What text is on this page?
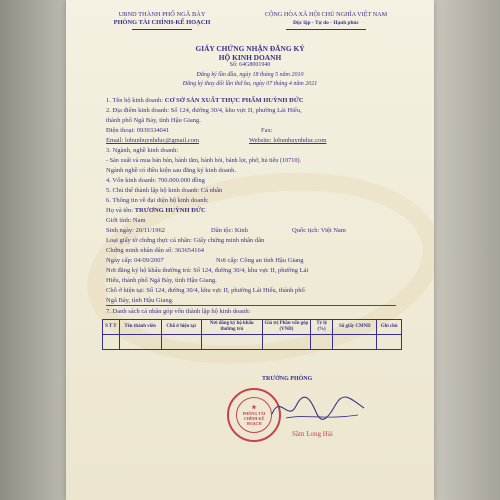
UBND THÀNH PHỐ NGÃ BẢY
PHÒNG TÀI CHÍNH-KẾ HOẠCH
CỘNG HÒA XÃ HỘI CHỦ NGHĨA VIỆT NAM
Độc lập - Tự do - Hạnh phúc
GIẤY CHỨNG NHẬN ĐĂNG KÝ
HỘ KINH DOANH
Số: 64G8001940
Đăng ký lần đầu, ngày 18 tháng 5 năm 2010
Đăng ký thay đổi lần thứ ba, ngày 07 tháng 4 năm 2021
1. Tên hộ kinh doanh: CƠ SỞ SẢN XUẤT THỰC PHẨM HUỲNH ĐỨC
2. Địa điểm kinh doanh: Số 124, đường 30/4, khu vực II, phường Lái Hiếu,
thành phố Ngã Bảy, tỉnh Hậu Giang.
Điện thoại: 0939334041	Fax:
Email: lobunhuynhduc@gmail.com	Website: lobunhuynhduc.com
3. Ngành, nghề kinh doanh:
- Sản xuất và mua bán bún, bánh tằm, bánh hỏi, bánh lọt, phở, hủ tiếu (10710).
Ngành nghề có điều kiện sau đăng ký kinh doanh.
4. Vốn kinh doanh: 700.000.000 đồng
5. Chủ thể thành lập hộ kinh doanh: Cá nhân
6. Thông tin về đại diện hộ kinh doanh:
Họ và tên: TRƯƠNG HUỲNH ĐỨC
Giới tính: Nam
Sinh ngày: 20/11/1962	Dân tộc: Kinh	Quốc tịch: Việt Nam
Loại giấy tờ chứng thực cá nhân: Giấy chứng minh nhân dân
Chứng minh nhân dân số: 363654164
Ngày cấp: 04/09/2007	Nơi cấp: Công an tỉnh Hậu Giang
Nơi đăng ký hộ khẩu thường trú: Số 124, đường 30/4, khu vực II, phường Lái
Hiếu, thành phố Ngã Bảy, tỉnh Hậu Giang.
Chỗ ở hiện tại: Số 124, đường 30/4, khu vực II, phường Lái Hiếu, thành phố
Ngã Bảy, tỉnh Hậu Giang.
7. Danh sách cá nhân góp vốn thành lập hộ kinh doanh:
S T T	Tên thành viên	Chỗ ở hiện tại	Nơi đăng ký hộ khẩu thường trú	Giá trị Phần vốn góp (VNĐ)	Tỷ lệ (%)	Số giấy CMND	Ghi chú

TRƯỞNG PHÒNG
★
PHÒNG TÀI CHÍNH KẾ HOẠCH
Sầm Long Hải
